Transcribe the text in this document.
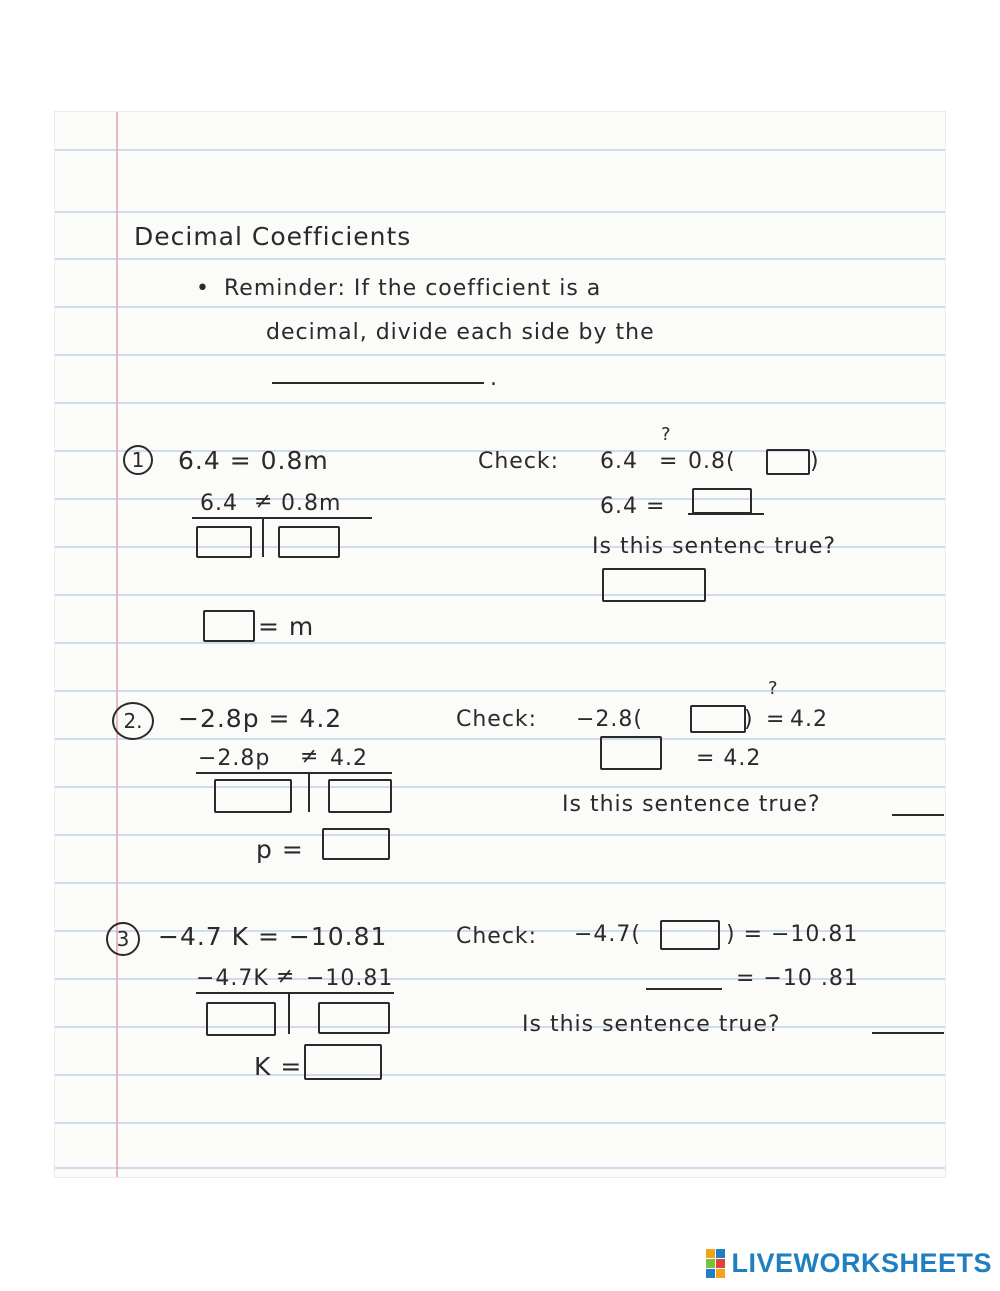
Decimal Coefficients
• Reminder: If the coefficient is a
decimal, divide each side by the
.
1	6.4 = 0.8m
6.4 ≠ 0.8m
= m
Check: 6.4
?
= 0.8(	)
6.4 =
Is this sentenc true?
2.	−2.8p = 4.2
−2.8p ≠ 4.2
p =
Check: −2.8(	)
?
= 4.2
= 4.2
Is this sentence true?
3	−4.7 K = −10.81
−4.7K ≠ −10.81
K =
Check: −4.7(	) = −10.81
= −10 .81
Is this sentence true?
LIVEWORKSHEETS
